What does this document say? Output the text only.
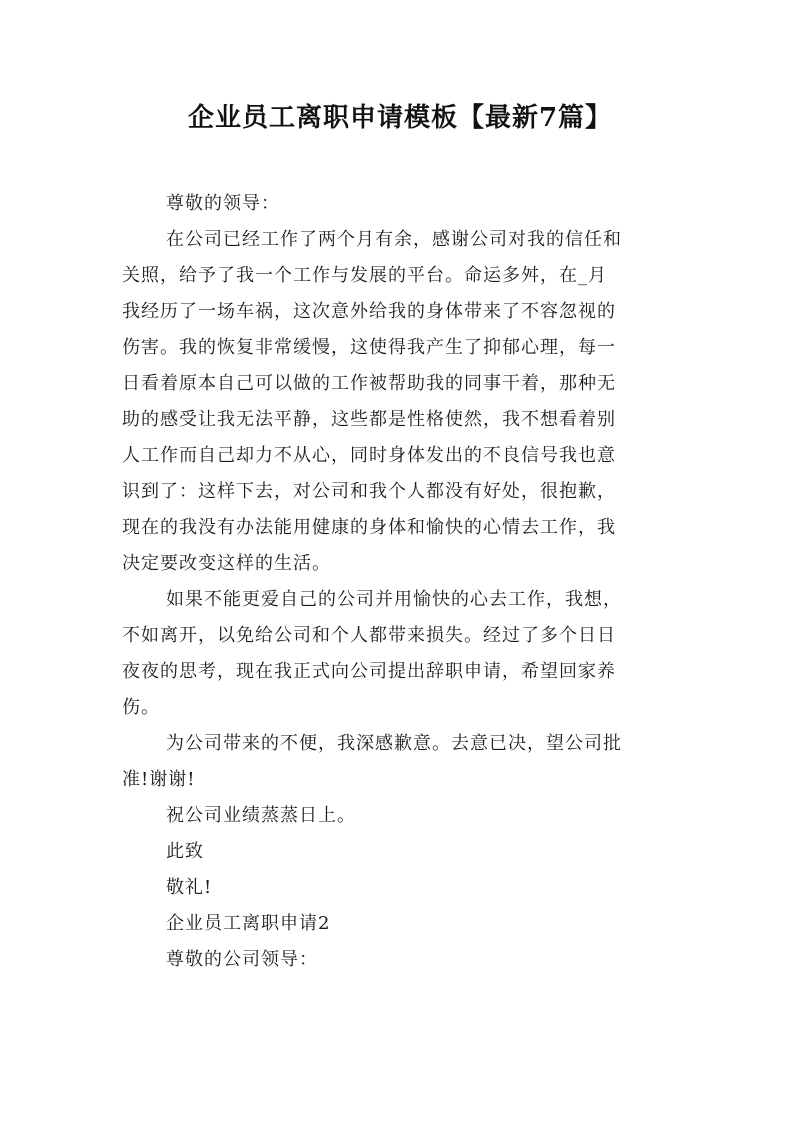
企业员工离职申请模板【最新7篇】

尊敬的领导：

在公司已经工作了两个月有余，感谢公司对我的信任和

关照，给予了我一个工作与发展的平台。命运多舛，在_月

我经历了一场车祸，这次意外给我的身体带来了不容忽视的

伤害。我的恢复非常缓慢，这使得我产生了抑郁心理，每一

日看着原本自己可以做的工作被帮助我的同事干着，那种无

助的感受让我无法平静，这些都是性格使然，我不想看着别

人工作而自己却力不从心，同时身体发出的不良信号我也意

识到了：这样下去，对公司和我个人都没有好处，很抱歉，

现在的我没有办法能用健康的身体和愉快的心情去工作，我

决定要改变这样的生活。

如果不能更爱自己的公司并用愉快的心去工作，我想，

不如离开，以免给公司和个人都带来损失。经过了多个日日

夜夜的思考，现在我正式向公司提出辞职申请，希望回家养

伤。

为公司带来的不便，我深感歉意。去意已决，望公司批

准!谢谢!

祝公司业绩蒸蒸日上。

此致

敬礼!

企业员工离职申请2

尊敬的公司领导：
